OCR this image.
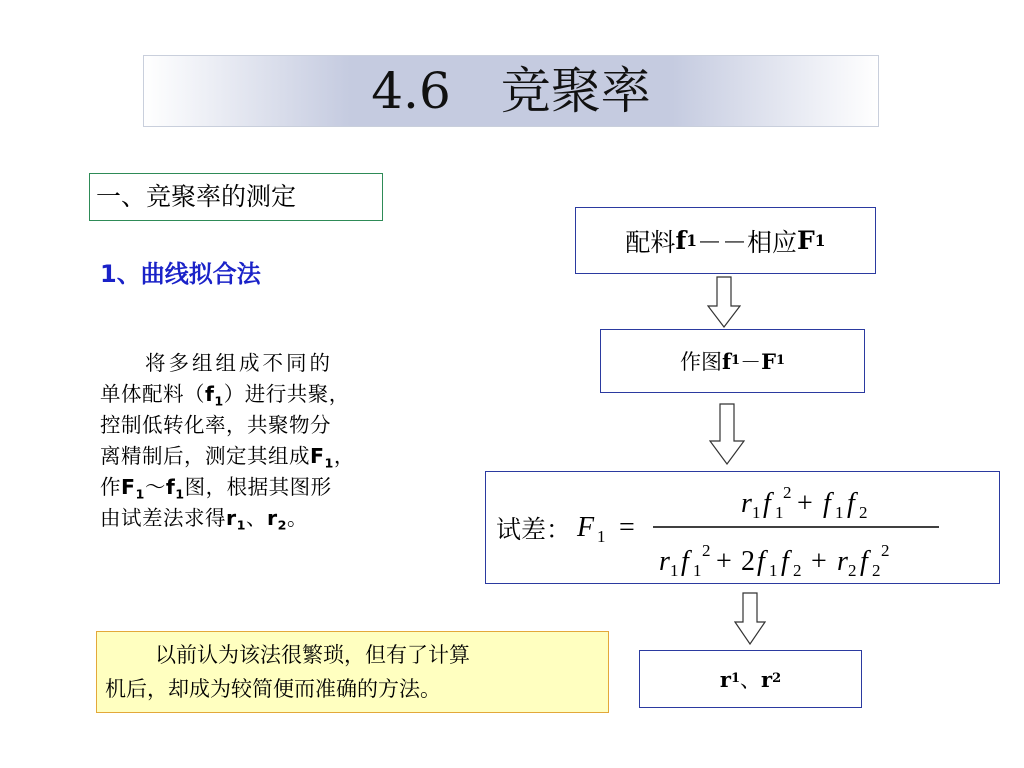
4.6　竞聚率
一、竞聚率的测定
1、曲线拟合法
将多组组成不同的
单体配料$(f_1)$进行共聚，
控制低转化率，共聚物分
离精制后，测定其组成$F_1$，
作$F_1\sim f_1$图，根据其图形
由试差法求得$r_1$、$r_2$。
以前认为该法很繁琐，但有了计算
机后，却成为较简便而准确的方法。
配料 f 1 －－相应 F 1
作图 f 1 － F 1
试差： F 1 =
r 1 f 1
2 + f 1 f 2
r 1 f 1
2 + 2 f 1 f 2 + r 2 f 2
2
r 1 、 r 2
